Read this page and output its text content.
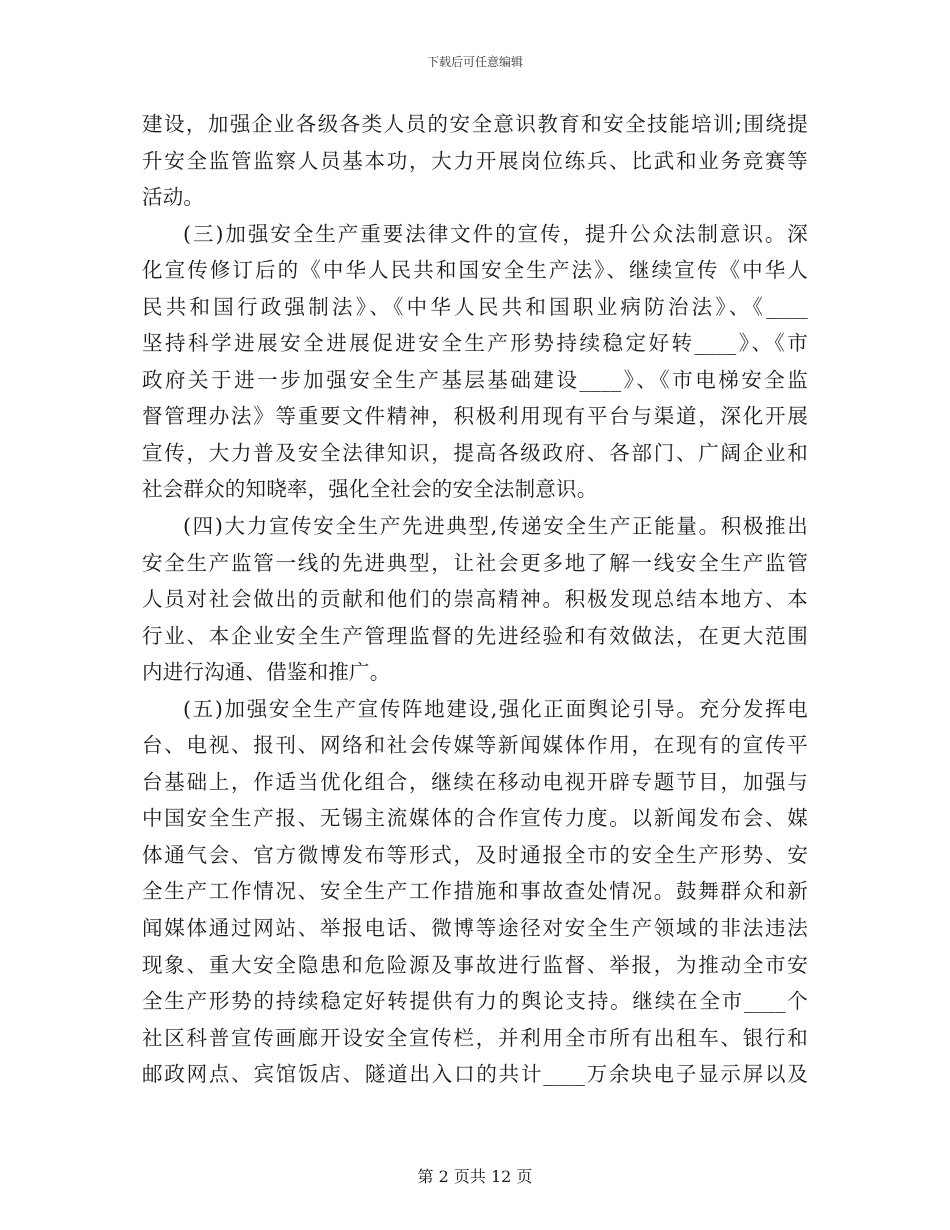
下载后可任意编辑
建设，加强企业各级各类人员的安全意识教育和安全技能培训;围绕提
升安全监管监察人员基本功，大力开展岗位练兵、比武和业务竞赛等
活动。
(三)加强安全生产重要法律文件的宣传，提升公众法制意识。深
化宣传修订后的《中华人民共和国安全生产法》、继续宣传《中华人
民共和国行政强制法》、《中华人民共和国职业病防治法》、《____
坚持科学进展安全进展促进安全生产形势持续稳定好转____》、《市
政府关于进一步加强安全生产基层基础建设____》、《市电梯安全监
督管理办法》等重要文件精神，积极利用现有平台与渠道，深化开展
宣传，大力普及安全法律知识，提高各级政府、各部门、广阔企业和
社会群众的知晓率，强化全社会的安全法制意识。
(四)大力宣传安全生产先进典型,传递安全生产正能量。积极推出
安全生产监管一线的先进典型，让社会更多地了解一线安全生产监管
人员对社会做出的贡献和他们的崇高精神。积极发现总结本地方、本
行业、本企业安全生产管理监督的先进经验和有效做法，在更大范围
内进行沟通、借鉴和推广。
(五)加强安全生产宣传阵地建设,强化正面舆论引导。充分发挥电
台、电视、报刊、网络和社会传媒等新闻媒体作用，在现有的宣传平
台基础上，作适当优化组合，继续在移动电视开辟专题节目，加强与
中国安全生产报、无锡主流媒体的合作宣传力度。以新闻发布会、媒
体通气会、官方微博发布等形式，及时通报全市的安全生产形势、安
全生产工作情况、安全生产工作措施和事故查处情况。鼓舞群众和新
闻媒体通过网站、举报电话、微博等途径对安全生产领域的非法违法
现象、重大安全隐患和危险源及事故进行监督、举报，为推动全市安
全生产形势的持续稳定好转提供有力的舆论支持。继续在全市____个
社区科普宣传画廊开设安全宣传栏，并利用全市所有出租车、银行和
邮政网点、宾馆饭店、隧道出入口的共计____万余块电子显示屏以及
第 2 页共 12 页
